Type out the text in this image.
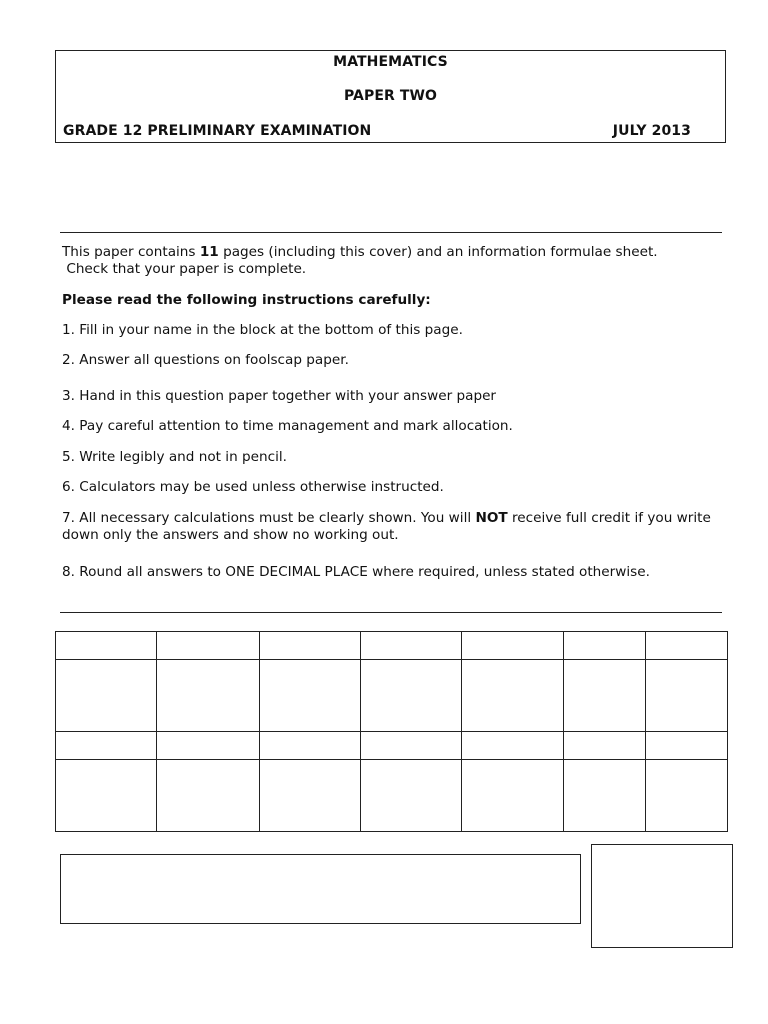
MATHEMATICS
PAPER TWO
GRADE 12 PRELIMINARY EXAMINATION	JULY 2013
This paper contains 11 pages (including this cover) and an information formulae sheet.
Check that your paper is complete.
Please read the following instructions carefully:
1. Fill in your name in the block at the bottom of this page.
2. Answer all questions on foolscap paper.
3. Hand in this question paper together with your answer paper
4. Pay careful attention to time management and mark allocation.
5. Write legibly and not in pencil.
6. Calculators may be used unless otherwise instructed.
7. All necessary calculations must be clearly shown. You will NOT receive full credit if you write down only the answers and show no working out.
8. Round all answers to ONE DECIMAL PLACE where required, unless stated otherwise.
